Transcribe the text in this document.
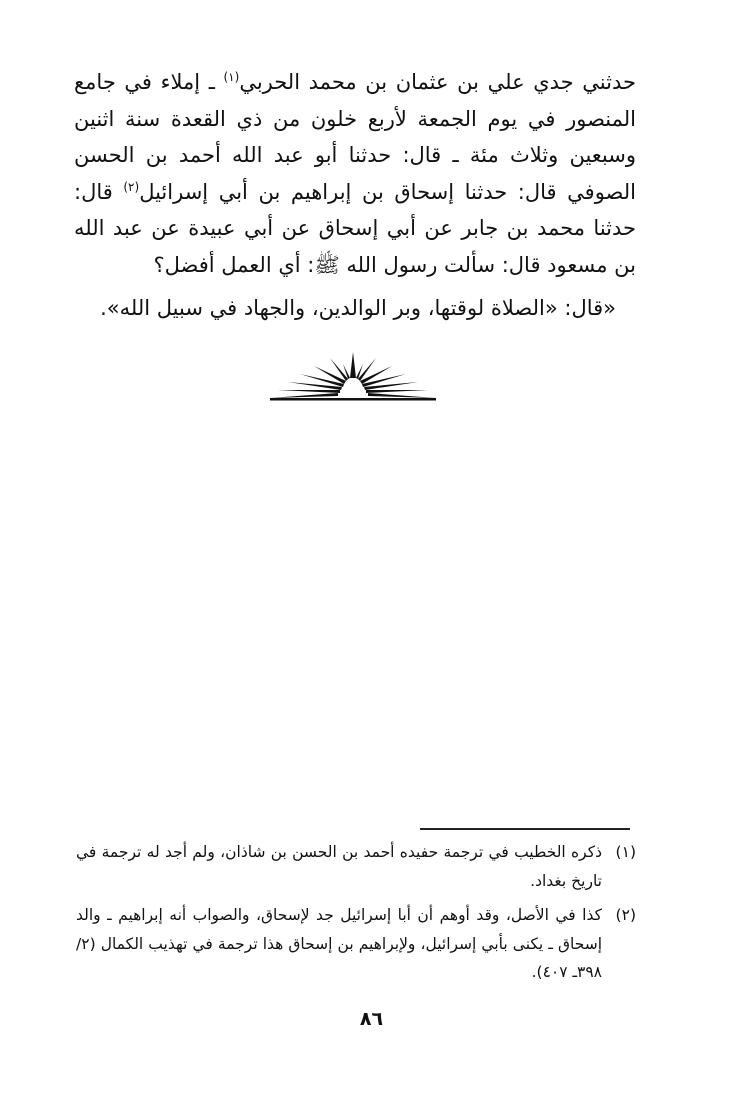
حدثني جدي علي بن عثمان بن محمد الحربي$^{(١)}$ ـ إملاء في جامع المنصور في يوم الجمعة لأربع خلون من ذي القعدة سنة اثنين وسبعين وثلاث مئة ـ قال: حدثنا أبو عبد الله أحمد بن الحسن الصوفي قال: حدثنا إسحاق بن إبراهيم بن أبي إسرائيل$^{(٢)}$ قال: حدثنا محمد بن جابر عن أبي إسحاق عن أبي عبيدة عن عبد الله بن مسعود قال: سألت رسول الله ﷺ: أي العمل أفضل؟

«قال: «الصلاة لوقتها، وبر الوالدين، والجهاد في سبيل الله».

(١)
ذكره الخطيب في ترجمة حفيده أحمد بن الحسن بن شاذان، ولم أجد له ترجمة في تاريخ بغداد.
(٢)
كذا في الأصل، وقد أوهم أن أبا إسرائيل جد لإسحاق، والصواب أنه إبراهيم ـ والد إسحاق ـ يكنى بأبي إسرائيل، ولإبراهيم بن إسحاق هذا ترجمة في تهذيب الكمال (٢/ ٣٩٨ـ ٤٠٧).
٨٦
